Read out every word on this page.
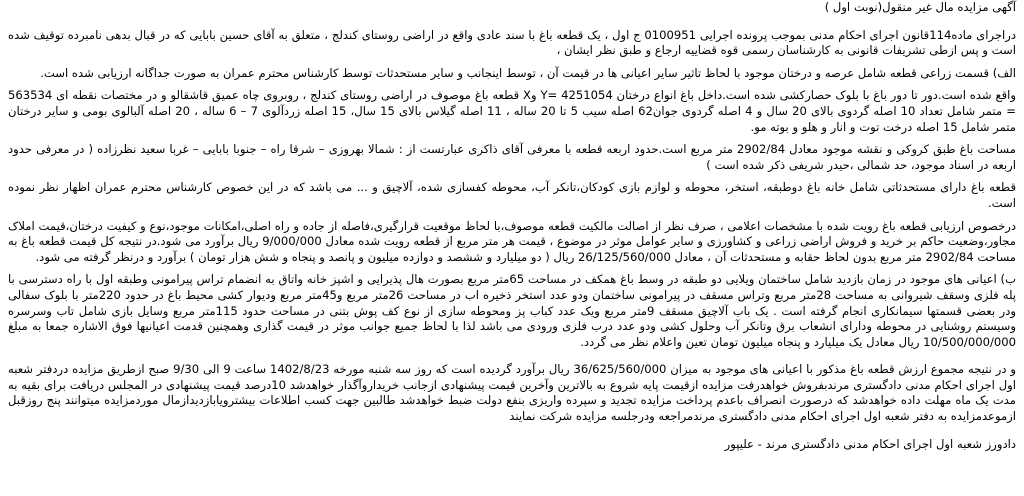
آگهی مزایده مال غیر منقول(نوبت اول )

دراجرای ماده114قانون اجرای احکام مدنی بموجب پرونده اجرایی 0100951 ج اول ، یک قطعه باغ با سند عادی واقع در اراضی روستای کندلج ، متعلق به آقای حسین بابایی که در قبال بدهی نامبرده توقیف شده است و پس ازطی تشریفات قانونی به کارشناسان رسمی قوه قضاییه ارجاع و طبق نظر ایشان ،

الف) قسمت زراعی قطعه شامل عرصه و درختان موجود با لحاظ تاثیر سایر اعیانی ها در قیمت آن ، توسط اینجانب و سایر مستحدثات توسط کارشناس محترم عمران به صورت جداگانه ارزیابی شده است.

واقع شده است.دور تا دور باغ با بلوک حصارکشی شده است.داخل باغ انواع درختان Y= 4251054 وX قطعه باغ موصوف در اراضی روستای کندلج ، روبروی چاه عمیق قاشقالو و در مختصات نقطه ای 563534 = متمر شامل تعداد 10 اصله گردوی بالای 20 سال و 4 اصله گردوی جوان62 اصله سیب 5 تا 20 ساله ، 11 اصله گیلاس بالای 15 سال، 15 اصله زردآلوی 7 – 6 ساله ، 20 اصله آلبالوی بومی و سایر درختان متمر شامل 15 اصله درخت توت و انار و هلو و بوته مو.

مساحت باغ طبق کروکی و نقشه موجود معادل 2902/84 متر مربع است.حدود اربعه قطعه با معرفی آقای ذاکری عبارتست از : شمالا بهروزی – شرقا راه – جنوبا بابایی – غربا سعید نظرزاده ( در معرفی حدود اربعه در اسناد موجود، حد شمالی ،حیدر شریفی ذکر شده است )

قطعه باغ دارای مستحدثاتی شامل خانه باغ دوطبقه، استخر، محوطه و لوازم بازی کودکان،تانکر آب، محوطه کفسازی شده، آلاچیق و ... می باشد که در این خصوص کارشناس محترم عمران اظهار نظر نموده است.

درخصوص ارزیابی قطعه باغ رویت شده با مشخصات اعلامی ، صرف نظر از اصالت مالکیت قطعه موصوف،با لحاظ موقعیت قرارگیری،فاصله از جاده و راه اصلی،امکانات موجود،نوع و کیفیت درختان،قیمت املاک مجاور،وضعیت حاکم بر خرید و فروش اراضی زراعی و کشاورزی و سایر عوامل موثر در موضوع ، قیمت هر متر مربع از قطعه رویت شده معادل 9/000/000 ریال برآورد می شود.در نتیجه کل قیمت قطعه باغ به مساحت 2902/84 متر مربع بدون لحاظ حقابه و مستحدثات آن ، معادل 26/125/560/000 ریال ( دو میلیارد و ششصد و دوازده میلیون و پانصد و پنجاه و شش هزار تومان ) برآورد و درنظر گرفته می شود.

ب) اعیانی های موجود در زمان بازدید شامل ساختمان ویلایی دو طبقه در وسط باغ همکف در مساحت 65متر مربع بصورت هال پذیرایی و اشپز خانه واتاق به انضمام تراس پیرامونی وطبقه اول با راه دسترسی با پله فلزی وسقف شیروانی به مساحت 28متر مربع وتراس مسقف در پیرامونی ساختمان ودو عدد استخر ذخیره اب در مساحت 26متر مربع و45متر مربع ودیوار کشی محیط باغ در حدود 220متر با بلوک سفالی ودر بعضی قسمتها سیمانکاری انجام گرفته است . یک باب آلاچیق مسقف 9متر مربع ویک عدد کباب پز ومحوطه سازی از نوع کف پوش بتنی در مساحت حدود 115متر مربع وسایل بازی شامل تاب وسرسره وسیستم روشنایی در محوطه ودارای انشعاب برق وتانکر آب وحلول کشی ودو عدد درب فلزی ورودی می باشد لذا با لحاظ جمیع جوانب موثر در قیمت گذاری وهمچنین قدمت اعیانیها فوق الاشاره جمعا به مبلغ 10/500/000/000 ریال معادل یک میلیارد و پنجاه میلیون تومان تعین واعلام نظر می گردد.

و در نتیجه مجموع ارزش قطعه باغ مذکور با اعیانی های موجود به میزان 36/625/560/000 ریال برآورد گردیده است که روز سه شنبه مورخه 1402/8/23 ساعت 9 الی 9/30 صبح ازطریق مزایده دردفتر شعبه اول اجرای احکام مدنی دادگستری مرندبفروش خواهدرفت مزایده ازقیمت پایه شروع به بالاترین وآخرین قیمت پیشنهادی ازجانب خریداروآگذار خواهدشد 10درصد قیمت پیشنهادی در المجلس دریافت برای بقیه به مدت یک ماه مهلت داده خواهدشد که درصورت انصراف باعدم پرداخت مزایده تجدید و سپرده واریزی بنفع دولت ضبط خواهدشد طالبین جهت کسب اطلاعات بیشترویابازدیدازمال موردمزایده میتوانند پنج روزقبل ازموعدمزایده به دفتر شعبه اول اجرای احکام مدنی دادگستری مرندمراجعه ودرجلسه مزایده شرکت نمایند

دادورز شعبه اول اجرای احکام مدنی دادگستری مرند - علیپور
